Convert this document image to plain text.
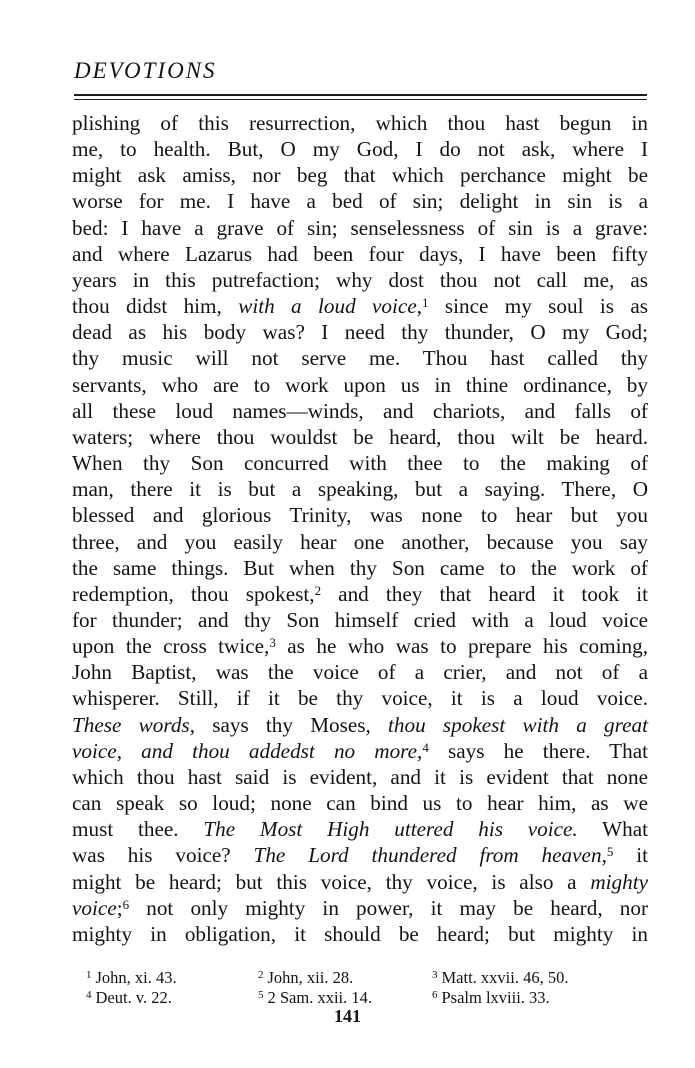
DEVOTIONS
plishing of this resurrection, which thou hast begun in
me, to health. But, O my God, I do not ask, where I
might ask amiss, nor beg that which perchance might be
worse for me. I have a bed of sin; delight in sin is a
bed: I have a grave of sin; senselessness of sin is a grave:
and where Lazarus had been four days, I have been fifty
years in this putrefaction; why dost thou not call me, as
thou didst him, with a loud voice,$^1$ since my soul is as
dead as his body was? I need thy thunder, O my God;
thy music will not serve me. Thou hast called thy
servants, who are to work upon us in thine ordinance, by
all these loud names—winds, and chariots, and falls of
waters; where thou wouldst be heard, thou wilt be heard.
When thy Son concurred with thee to the making of
man, there it is but a speaking, but a saying. There, O
blessed and glorious Trinity, was none to hear but you
three, and you easily hear one another, because you say
the same things. But when thy Son came to the work of
redemption, thou spokest,$^2$ and they that heard it took it
for thunder; and thy Son himself cried with a loud voice
upon the cross twice,$^3$ as he who was to prepare his coming,
John Baptist, was the voice of a crier, and not of a
whisperer. Still, if it be thy voice, it is a loud voice.
These words, says thy Moses, thou spokest with a great
voice, and thou addedst no more,$^4$ says he there. That
which thou hast said is evident, and it is evident that none
can speak so loud; none can bind us to hear him, as we
must thee. The Most High uttered his voice. What
was his voice? The Lord thundered from heaven,$^5$ it
might be heard; but this voice, thy voice, is also a mighty
voice;$^6$ not only mighty in power, it may be heard, nor
mighty in obligation, it should be heard; but mighty in
$^1$ John, xi. 43.	$^2$ John, xii. 28.	$^3$ Matt. xxvii. 46, 50.
$^4$ Deut. v. 22.	$^5$ 2 Sam. xxii. 14.	$^6$ Psalm lxviii. 33.
141
